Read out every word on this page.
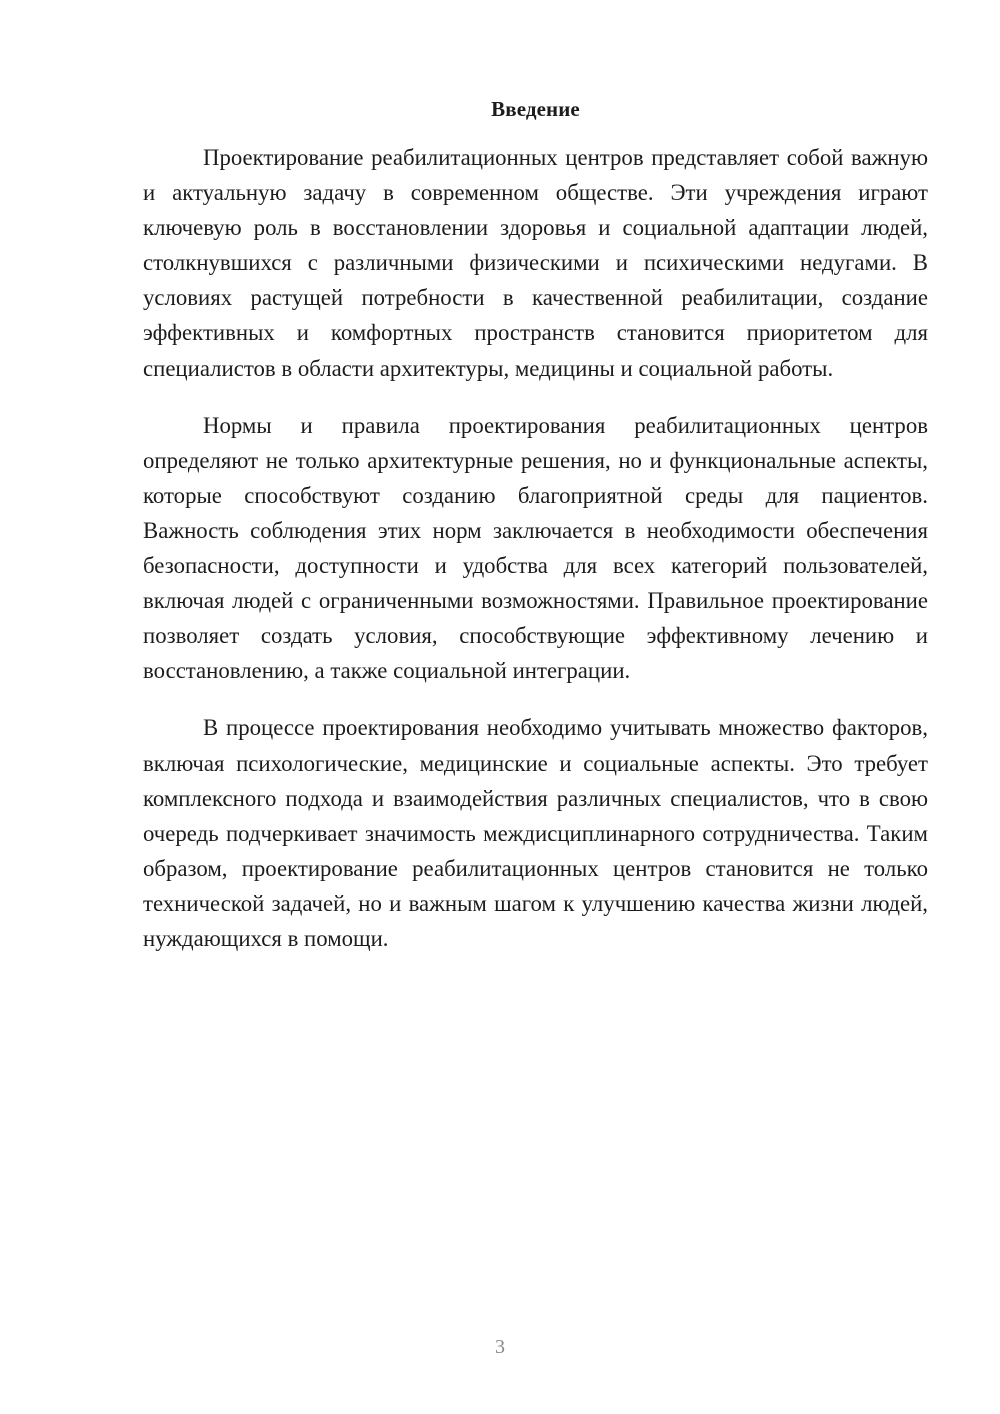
Введение

Проектирование реабилитационных центров представляет собой важную и актуальную задачу в современном обществе. Эти учреждения играют ключевую роль в восстановлении здоровья и социальной адаптации людей, столкнувшихся с различными физическими и психическими недугами. В условиях растущей потребности в качественной реабилитации, создание эффективных и комфортных пространств становится приоритетом для специалистов в области архитектуры, медицины и социальной работы.

Нормы и правила проектирования реабилитационных центров определяют не только архитектурные решения, но и функциональные аспекты, которые способствуют созданию благоприятной среды для пациентов. Важность соблюдения этих норм заключается в необходимости обеспечения безопасности, доступности и удобства для всех категорий пользователей, включая людей с ограниченными возможностями. Правильное проектирование позволяет создать условия, способствующие эффективному лечению и восстановлению, а также социальной интеграции.

В процессе проектирования необходимо учитывать множество факторов, включая психологические, медицинские и социальные аспекты. Это требует комплексного подхода и взаимодействия различных специалистов, что в свою очередь подчеркивает значимость междисциплинарного сотрудничества. Таким образом, проектирование реабилитационных центров становится не только технической задачей, но и важным шагом к улучшению качества жизни людей, нуждающихся в помощи.

3
